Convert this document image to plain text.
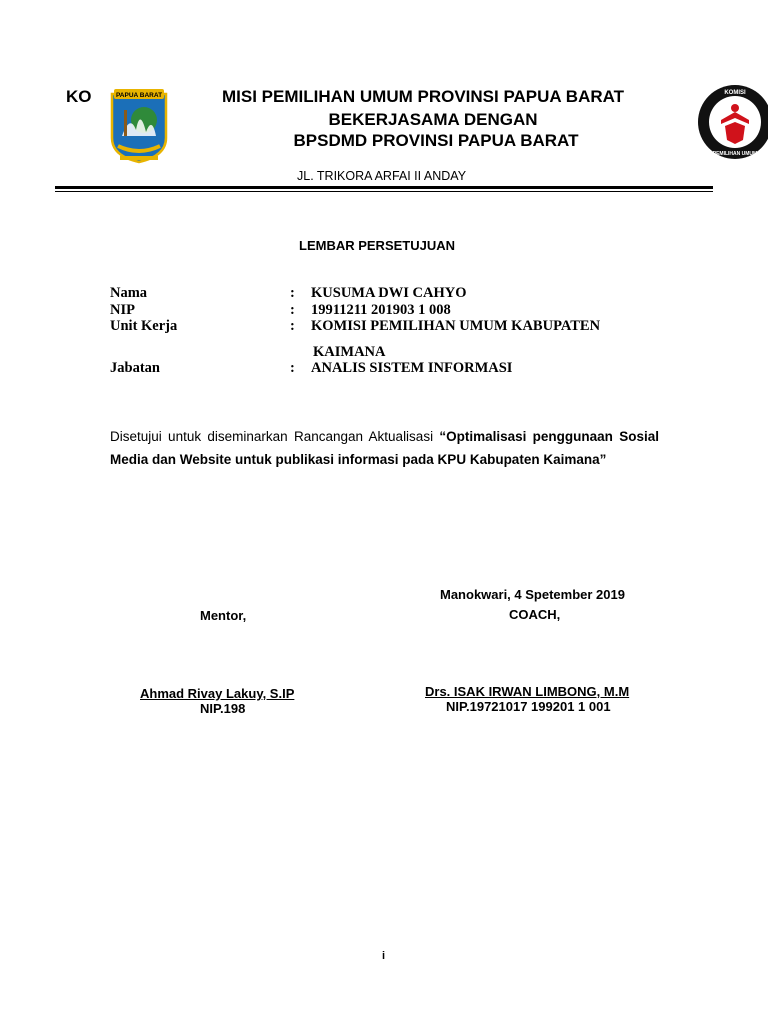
KO	PAPUA BARAT	MISI PEMILIHAN UMUM PROVINSI PAPUA BARAT
BEKERJASAMA DENGAN
BPSDMD PROVINSI PAPUA BARAT
JL. TRIKORA ARFAI II ANDAY
KOMISI
PEMILIHAN UMUM
LEMBAR PERSETUJUAN
Nama	: KUSUMA DWI CAHYO
NIP	: 19911211 201903 1 008
Unit Kerja	: KOMISI PEMILIHAN UMUM KABUPATEN
KAIMANA
Jabatan	: ANALIS SISTEM INFORMASI
Disetujui untuk diseminarkan Rancangan Aktualisasi “Optimalisasi penggunaan Sosial Media dan Website untuk publikasi informasi pada KPU Kabupaten Kaimana”
Manokwari, 4 Spetember 2019
Mentor,	COACH,
Ahmad Rivay Lakuy, S.IP
NIP.198
Drs. ISAK IRWAN LIMBONG, M.M
NIP.19721017 199201 1 001
i
